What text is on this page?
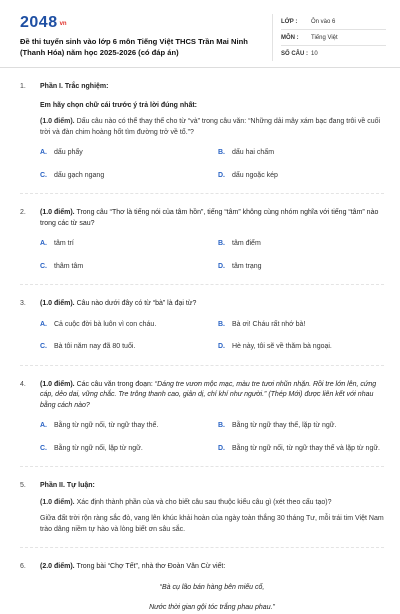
2048 vn
Đề thi tuyển sinh vào lớp 6 môn Tiếng Việt THCS Trần Mai Ninh (Thanh Hóa) năm học 2025-2026 (có đáp án)
LỚP :	Ôn vào 6
MÔN :	Tiếng Việt
SỐ CÂU : 10
1.	Phần I. Trắc nghiệm:
Em hãy chọn chữ cái trước ý trả lời đúng nhất:
(1.0 điểm). Dấu câu nào có thể thay thế cho từ “và” trong câu văn: “Những dải mây xám bạc đang trôi về cuối trời và đàn chim hoàng hốt tìm đường trở về tổ.”?
A.	dấu phẩy	B.	dấu hai chấm
C.	dấu gạch ngang	D.	dấu ngoặc kép
2.	(1.0 điểm). Trong câu “Thơ là tiếng nói của tâm hồn”, tiếng “tâm” không cùng nhóm nghĩa với tiếng “tâm” nào trong các từ sau?
A.	tâm trí	B.	tâm điểm
C.	thâm tâm	D.	tâm trạng
3.	(1.0 điểm). Câu nào dưới đây có từ “bà” là đại từ?
A.	Cả cuộc đời bà luôn vì con cháu.	B.	Bà ơi! Cháu rất nhớ bà!
C.	Bà tôi năm nay đã 80 tuổi.	D.	Hè này, tôi sẽ về thăm bà ngoại.
4.	(1.0 điểm). Các câu văn trong đoạn: “Dáng tre vươn mộc mạc, màu tre tươi nhũn nhặn. Rồi tre lớn lên, cứng cáp, dẻo dai, vững chắc. Tre trông thanh cao, giản dị, chí khí như người.” (Thép Mới) được liên kết với nhau bằng cách nào?
A.	Bằng từ ngữ nối, từ ngữ thay thế.	B.	Bằng từ ngữ thay thế, lặp từ ngữ.
C.	Bằng từ ngữ nối, lặp từ ngữ.	D.	Bằng từ ngữ nối, từ ngữ thay thế và lặp từ ngữ.
5.	Phần II. Tự luận:
(1.0 điểm). Xác định thành phần của và cho biết câu sau thuộc kiểu câu gì (xét theo cấu tạo)?
Giữa đất trời rộn ràng sắc đỏ, vang lên khúc khải hoàn của ngày toàn thắng 30 tháng Tư, mỗi trái tim Việt Nam trào dâng niềm tự hào và lòng biết ơn sâu sắc.
6.	(2.0 điểm). Trong bài “Chợ Tết”, nhà thơ Đoàn Văn Cừ viết:
“Bà cụ lão bán hàng bên miếu cổ,
Nước thời gian gội tóc trắng phau phau.”
